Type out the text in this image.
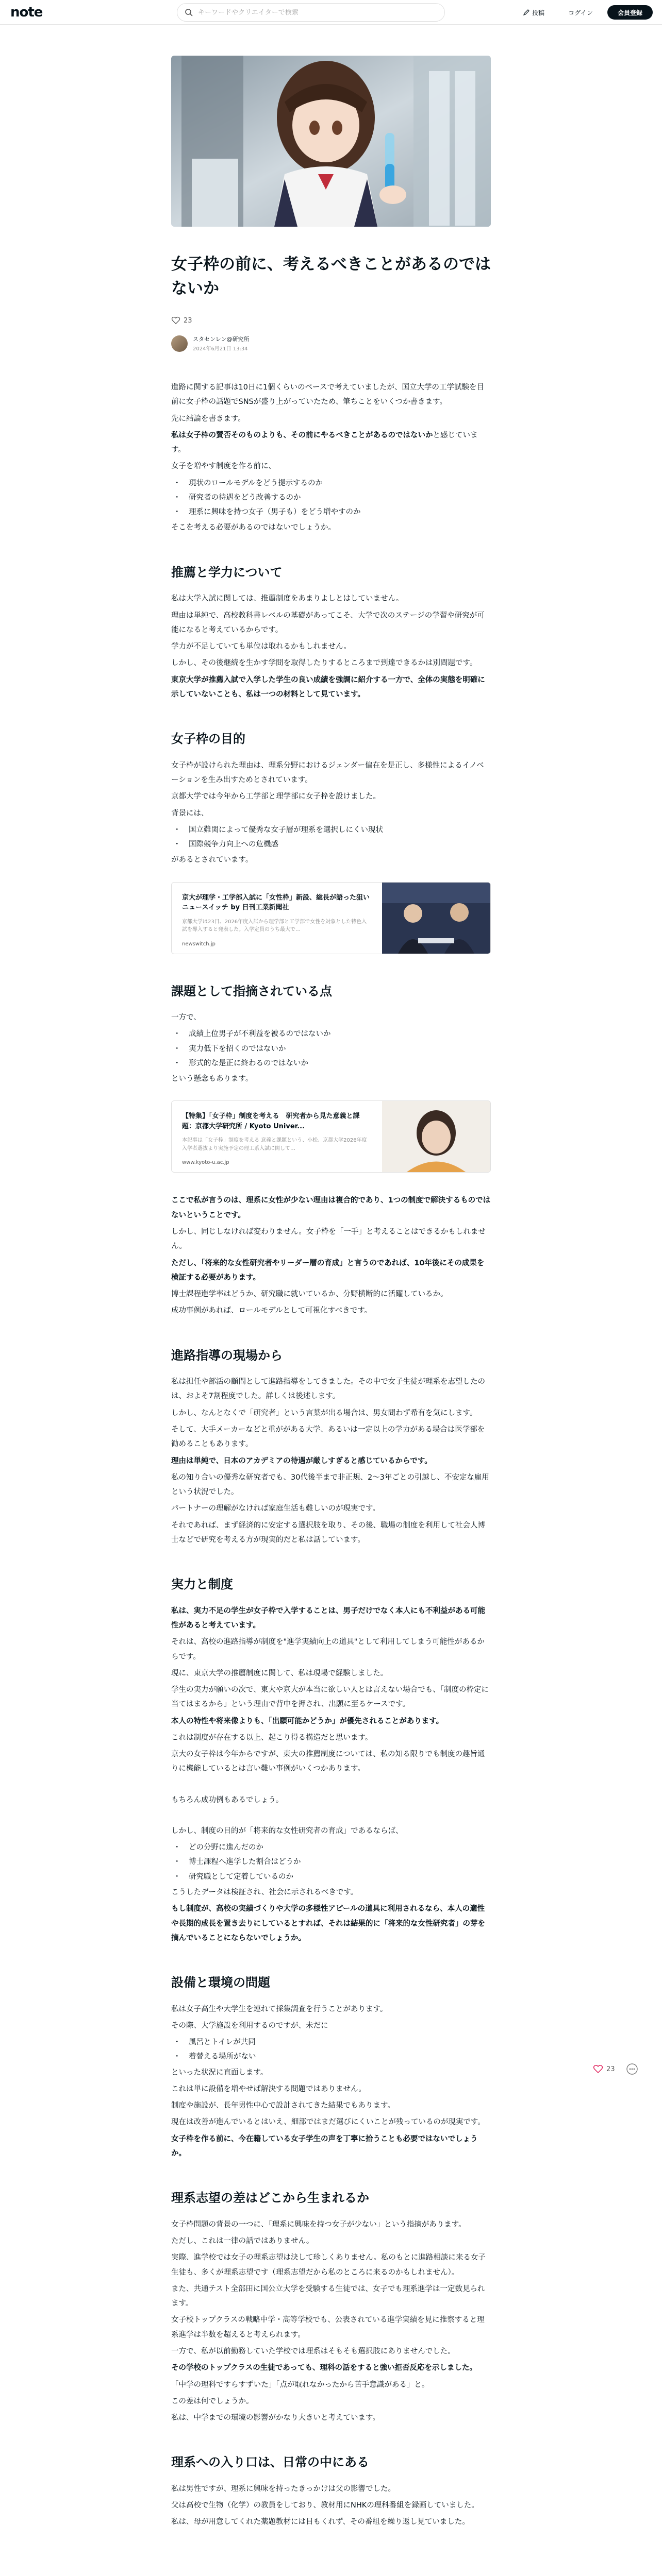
note
キーワードやクリエイターで検索	投稿	ログイン	会員登録
女子枠の前に、考えるべきことがあるのではないか
23
スタセンレン@研究所
2024年6月21日 13:34

進路に関する記事は10日に1個くらいのペースで考えていましたが、国立大学の工学試験を目前に女子枠の話題でSNSが盛り上がっていたため、筆ちことをいくつか書きます。

先に結論を書きます。

私は女子枠の賛否そのものよりも、その前にやるべきことがあるのではないかと感じています。

女子を増やす制度を作る前に、

・ 現状のロールモデルをどう提示するのか
・ 研究者の待遇をどう改善するのか
・ 理系に興味を持つ女子（男子も）をどう増やすのか

そこを考える必要があるのではないでしょうか。

推薦と学力について

私は大学入試に関しては、推薦制度をあまりよしとはしていません。

理由は単純で、高校教科書レベルの基礎があってこそ、大学で次のステージの学習や研究が可能になると考えているからです。

学力が不足していても単位は取れるかもしれません。

しかし、その後継続を生かす学問を取得したりするところまで到達できるかは別問題です。

東京大学が推薦入試で入学した学生の良い成績を強調に紹介する一方で、全体の実態を明確に示していないことも、私は一つの材料として見ています。

女子枠の目的

女子枠が設けられた理由は、理系分野におけるジェンダー偏在を是正し、多様性によるイノベーションを生み出すためとされています。

京都大学では今年から工学部と理学部に女子枠を設けました。

背景には、

・ 国立難関によって優秀な女子層が理系を選択しにくい現状
・ 国際競争力向上への危機感

があるとされています。

京大が理学・工学部入試に「女性枠」新設、総長が語った狙い ニュースイッチ by 日刊工業新聞社
京都大学は23日、2026年度入試から理学部と工学部で女性を対象とした特色入試を導入すると発表した。入学定員のうち最大で…
newswitch.jp
課題として指摘されている点

一方で、

・ 成績上位男子が不利益を被るのではないか
・ 実力低下を招くのではないか
・ 形式的な是正に終わるのではないか

という懸念もあります。

【特集】「女子枠」制度を考える　研究者から見た意義と課題：京都大学研究所 / Kyoto Univer...
本記事は「女子枠」制度を考える 意義と課題という、小松、京都大学2026年度入学者選抜より実施予定の理工系入試に関して…
www.kyoto-u.ac.jp

ここで私が言うのは、理系に女性が少ない理由は複合的であり、1つの制度で解決するものではないということです。

しかし、同じしなければ変わりません。女子枠を「一手」と考えることはできるかもしれません。

ただし、「将来的な女性研究者やリーダー層の育成」と言うのであれば、10年後にその成果を検証する必要があります。

博士課程進学率はどうか、研究職に就いているか、分野横断的に活躍しているか。

成功事例があれば、ロールモデルとして可視化すべきです。

進路指導の現場から

私は担任や部活の顧問として進路指導をしてきました。その中で女子生徒が理系を志望したのは、およそ7割程度でした。詳しくは後述します。

しかし、なんとなくで「研究者」という言葉が出る場合は、男女問わず希有を気にします。

そして、大手メーカーなどと重ががある大学、あるいは一定以上の学力がある場合は医学部を勧めることもあります。

理由は単純で、日本のアカデミアの待遇が厳しすぎると感じているからです。

私の知り合いの優秀な研究者でも、30代後半まで非正規、2〜3年ごとの引越し、不安定な雇用という状況でした。

パートナーの理解がなければ家庭生活も難しいのが現実です。

それであれば、まず経済的に安定する選択肢を取り、その後、職場の制度を利用して社会人博士などで研究を考える方が現実的だと私は話しています。

実力と制度

私は、実力不足の学生が女子枠で入学することは、男子だけでなく本人にも不利益がある可能性があると考えています。

それは、高校の進路指導が制度を"進学実績向上の道具"として利用してしまう可能性があるからです。

現に、東京大学の推薦制度に関して、私は現場で経験しました。

学生の実力が願いの次で、東大や京大が本当に欲しい人とは言えない場合でも、「制度の枠定に当てはまるから」という理由で背中を押され、出願に至るケースです。

本人の特性や将来像よりも、「出願可能かどうか」が優先されることがあります。

これは制度が存在する以上、起こり得る構造だと思います。

京大の女子枠は今年からですが、東大の推薦制度については、私の知る限りでも制度の趣旨通りに機能しているとは言い難い事例がいくつかあります。

もちろん成功例もあるでしょう。

しかし、制度の目的が「将来的な女性研究者の育成」であるならば、

・ どの分野に進んだのか
・ 博士課程へ進学した割合はどうか
・ 研究職として定着しているのか

こうしたデータは検証され、社会に示されるべきです。

もし制度が、高校の実績づくりや大学の多様性アピールの道具に利用されるなら、本人の適性や長期的成長を置き去りにしているとすれば、それは結果的に「将来的な女性研究者」の芽を摘んでいることにならないでしょうか。

設備と環境の問題

私は女子高生や大学生を連れて採集調査を行うことがあります。

その際、大学施設を利用するのですが、未だに

・ 風呂とトイレが共同
・ 着替える場所がない

といった状況に直面します。

これは単に設備を増やせば解決する問題ではありません。

制度や施設が、長年男性中心で設計されてきた結果でもあります。

現在は改善が進んでいるとはいえ、細部ではまだ選びにくいことが残っているのが現実です。

女子枠を作る前に、今在籍している女子学生の声を丁寧に拾うことも必要ではないでしょうか。

理系志望の差はどこから生まれるか

女子枠問題の背景の一つに、「理系に興味を持つ女子が少ない」という指摘があります。

ただし、これは一律の話ではありません。

実際、進学校では女子の理系志望は決して珍しくありません。私のもとに進路相談に来る女子生徒も、多くが理系志望です（理系志望だから私のところに来るのかもしれません）。

また、共通テスト全部田に国公立大学を受験する生徒では、女子でも理系進学は一定数見られます。

女子校トップクラスの戦略中学・高等学校でも、公表されている進学実績を見に推察すると理系進学は半数を超えると考えられます。

一方で、私が以前勤務していた学校では理系はそもそも選択肢にありませんでした。

その学校のトップクラスの生徒であっても、理科の話をすると強い拒否反応を示しました。

「中学の理科ですらすずいた」「点が取れなかったから苦手意識がある」と。

この差は何でしょうか。

私は、中学までの環境の影響がかなり大きいと考えています。

理系への入り口は、日常の中にある

私は男性ですが、理系に興味を持ったきっかけは父の影響でした。

父は高校で生物（化学）の教員をしており、教材用にNHKの理科番組を録画していました。

私は、母が用意してくれた薬題教材には目もくれず、その番組を繰り返し見ていました。

23
